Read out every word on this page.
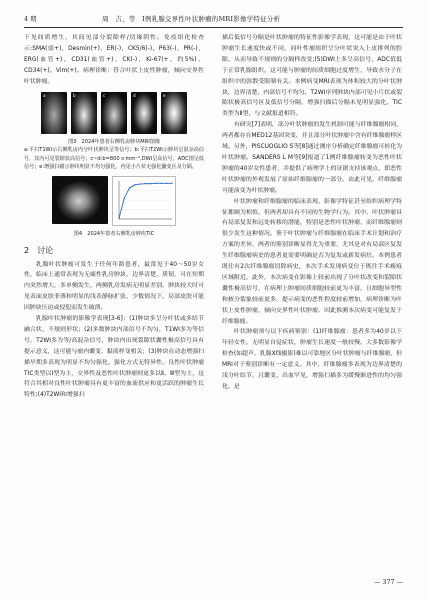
4 期	周　吉，等　Ⅰ例乳腺交界性叶状肿瘤的MRI影像学特征分析

下见间质增生，其间见部分裂隙样/切缘阴性。免疫组化检查示:SMA(弱+)，Desmin(+)，ER(-)，CK5/6(-)，P63(-)，PR(-)，ERG(血管+)，CD31(血管+)，CK(-)，Ki-67(+，约5%)，CD34(+)，Vim(+)。病理诊断：符合叶状上皮性肿瘤，倾向交界性叶状肿瘤。

a	b	c	d	e

图3　2024年患者右侧乳房肿块MRI图像

a:平扫T1WI示右侧乳房内分叶状肿块呈等信号；b:平扫T2WI示肿块呈混杂高信号，其内可见裂隙状高信号；c~d:b=800 s·mm⁻²,DWI呈高信号，ADC图呈低信号；e:增强扫描示肿块明显不均匀强化，内见小片状无强化囊变区及分隔。

图4　2024年患者右侧乳房肿块TIC

2　讨论

乳腺叶状肿瘤可发生于任何年龄患者，最常见于40～50岁女性，临床上通常表现为无痛性乳房肿块，边界清楚，质韧，可在短期内突然增大，多单侧发生，两侧乳房发病无明显差别。肿块较大时可见表面皮肤菲薄和明显的浅表静脉扩张，少数情况下，局部皮肤可能因肿块压迫或侵犯而发生破溃。

乳腺叶状肿瘤的影像学表现[3-6]：(1)肿块多呈分叶状或多结节融合状，不规则形状；(2)多数肿块内部信号不均匀，T1WI多为等信号，T2WI多为等/高混杂信号，肿块内出现裂隙状囊性极高信号具有提示意义，这可能与瘤内囊变、黏液样变相关；(3)肿块在动态增强扫描早期多表现为明显不均匀强化，强化方式无特异性，良性叶状肿瘤TIC类型以Ⅰ型为主，交界性及恶性叶状肿瘤则更多以Ⅱ、Ⅲ型为主，这符合其相对良性叶状肿瘤具有更丰富的血流供应和更活跃的肿瘤生长特性;(4)T2WI和增强扫

描后低信号分隔是叶状肿瘤的特征性影像学表现，这可能是由于叶状肿瘤生长速度快或不同，同叶性瘤组织呈分叶状突入上皮排列的腔隙，从而导致不规则的分隔样改变;(5)DWI上多呈高信号，ADC值低于正常乳腺组织，这可能与肿瘤的间质细胞过度增生，导致水分子在组织中的弥散受限制有关。本例病变MRI表现为体积较大的分叶状肿块，边界清楚，内部信号不均匀，T2WI序列肿块内部可见小片状或裂隙状极高信号区及低信号分隔，增强扫描后分隔未见明显强化，TIC类型为Ⅱ型，与文献报道相符。

有研究[7]表明，部分叶状肿瘤的发生机制可能与纤维腺瘤相同，两者都存在MED12基因突变，并且部分叶状肿瘤中含有纤维腺瘤样区域。另外，PISCUOGLIO S等[8]通过测序分析确定纤维腺瘤可转化为叶状肿瘤。SANDERS L M等[9]报道了1例纤维腺瘤转变为恶性叶状肿瘤的40岁女性患者，并提供了病理学上的证据支持该观点，即恶性叶状肿瘤的外观发展了原始纤维腺瘤的一部分。由此可见，纤维腺瘤可能演变为叶状肿瘤。

叶状肿瘤和纤维腺瘤的临床表现、影像学特征甚至组织病理学特征都颇为相似，但两者却具有不同的生物学行为。其中，叶状肿瘤具有局部复发和远处转移的潜能，特别是恶性叶状肿瘤，而纤维腺瘤则很少发生这种情况。鉴于叶状肿瘤与纤维腺瘤在临床手术计划和治疗方案的差异，两者的鉴别诊断显得尤为重要，尤其是对有局部区复发生纤维腺瘤病史的患者更需要明确是否为复发或新发病灶。本例患者既往有2次纤维腺瘤切除病史，本次手术发现病变位于既往手术瘢痕区域附近。此外，本次病变在影像上较前出现了分叶状改变和裂隙状囊性极高信号，在病理上肿瘤间质细胞较前更为丰富，且细胞异型性和核分裂象较前更多，提示病变的恶性程度较前增加，病理诊断为叶状上皮性肿瘤，倾向交界性叶状肿瘤。因此推测本次病变可能复发于纤维腺瘤。

叶状肿瘤须与以下疾病鉴别：(1)纤维腺瘤：患者多为40岁以下年轻女性，无明显自觉症状，肿瘤生长速度一般较慢。大多数影像学检查(如超声、乳腺X线摄影)难以可靠地区分叶状肿瘤与纤维腺瘤，但MRI对于鉴别诊断有一定意义。其中，纤维腺瘤多表现为边界清楚的浅分叶结节，且囊变、出血罕见，增强扫描多为缓慢渐进性的均匀强化。是

— 377 —
